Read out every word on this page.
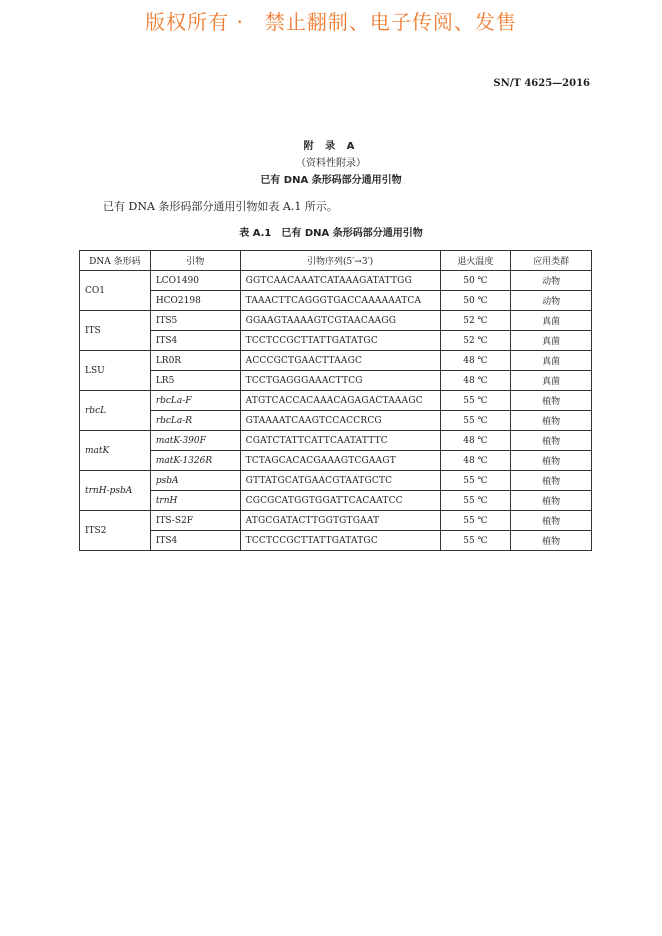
版权所有 ·　禁止翻制、电子传阅、发售
SN/T 4625—2016
附 录 A
（资料性附录）
已有 DNA 条形码部分通用引物
已有 DNA 条形码部分通用引物如表 A.1 所示。
表 A.1　已有 DNA 条形码部分通用引物
DNA 条形码	引物	引物序列(5′→3′)	退火温度	应用类群
CO1	LCO1490	GGTCAACAAATCATAAAGATATTGG	50 ℃	动物
	HCO2198	TAAACTTCAGGGTGACCAAAAAATCA	50 ℃	动物
ITS	ITS5	GGAAGTAAAAGTCGTAACAAGG	52 ℃	真菌
	ITS4	TCCTCCGCTTATTGATATGC	52 ℃	真菌
LSU	LR0R	ACCCGCTGAACTTAAGC	48 ℃	真菌
	LR5	TCCTGAGGGAAACTTCG	48 ℃	真菌
rbcL	rbcLa-F	ATGTCACCACAAACAGAGACTAAAGC	55 ℃	植物
	rbcLa-R	GTAAAATCAAGTCCACCRCG	55 ℃	植物
matK	matK-390F	CGATCTATTCATTCAATATTTC	48 ℃	植物
	matK-1326R	TCTAGCACACGAAAGTCGAAGT	48 ℃	植物
trnH-psbA	psbA	GTTATGCATGAACGTAATGCTC	55 ℃	植物
	trnH	CGCGCATGGTGGATTCACAATCC	55 ℃	植物
ITS2	ITS-S2F	ATGCGATACTTGGTGTGAAT	55 ℃	植物
	ITS4	TCCTCCGCTTATTGATATGC	55 ℃	植物
